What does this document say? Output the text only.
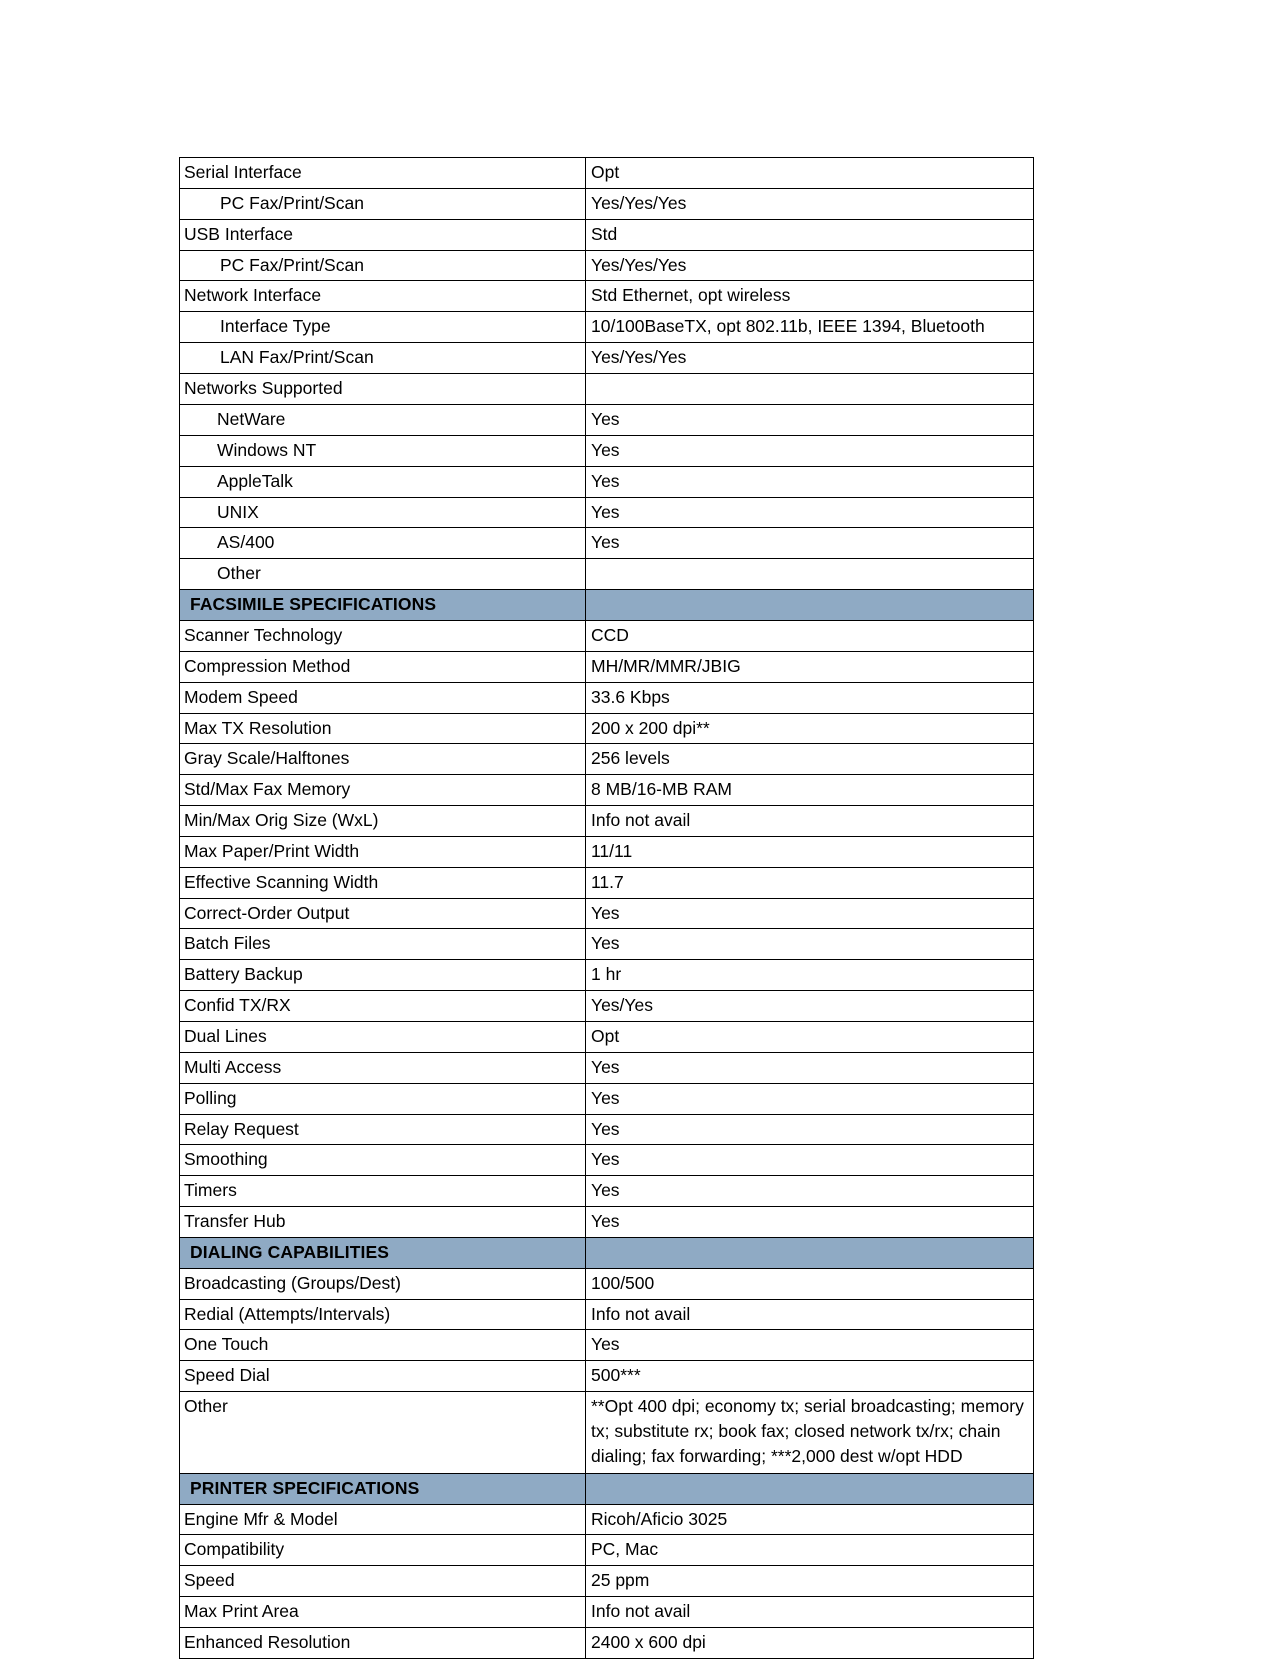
Serial Interface	Opt
PC Fax/Print/Scan	Yes/Yes/Yes
USB Interface	Std
PC Fax/Print/Scan	Yes/Yes/Yes
Network Interface	Std Ethernet, opt wireless
Interface Type	10/100BaseTX, opt 802.11b, IEEE 1394, Bluetooth
LAN Fax/Print/Scan	Yes/Yes/Yes
Networks Supported	
NetWare	Yes
Windows NT	Yes
AppleTalk	Yes
UNIX	Yes
AS/400	Yes
Other	
FACSIMILE SPECIFICATIONS	
Scanner Technology	CCD
Compression Method	MH/MR/MMR/JBIG
Modem Speed	33.6 Kbps
Max TX Resolution	200 x 200 dpi**
Gray Scale/Halftones	256 levels
Std/Max Fax Memory	8 MB/16-MB RAM
Min/Max Orig Size (WxL)	Info not avail
Max Paper/Print Width	11/11
Effective Scanning Width	11.7
Correct-Order Output	Yes
Batch Files	Yes
Battery Backup	1 hr
Confid TX/RX	Yes/Yes
Dual Lines	Opt
Multi Access	Yes
Polling	Yes
Relay Request	Yes
Smoothing	Yes
Timers	Yes
Transfer Hub	Yes
DIALING CAPABILITIES	
Broadcasting (Groups/Dest)	100/500
Redial (Attempts/Intervals)	Info not avail
One Touch	Yes
Speed Dial	500***
Other	**Opt 400 dpi; economy tx; serial broadcasting; memory tx; substitute rx; book fax; closed network tx/rx; chain dialing; fax forwarding; ***2,000 dest w/opt HDD
PRINTER SPECIFICATIONS	
Engine Mfr & Model	Ricoh/Aficio 3025
Compatibility	PC, Mac
Speed	25 ppm
Max Print Area	Info not avail
Enhanced Resolution	2400 x 600 dpi
